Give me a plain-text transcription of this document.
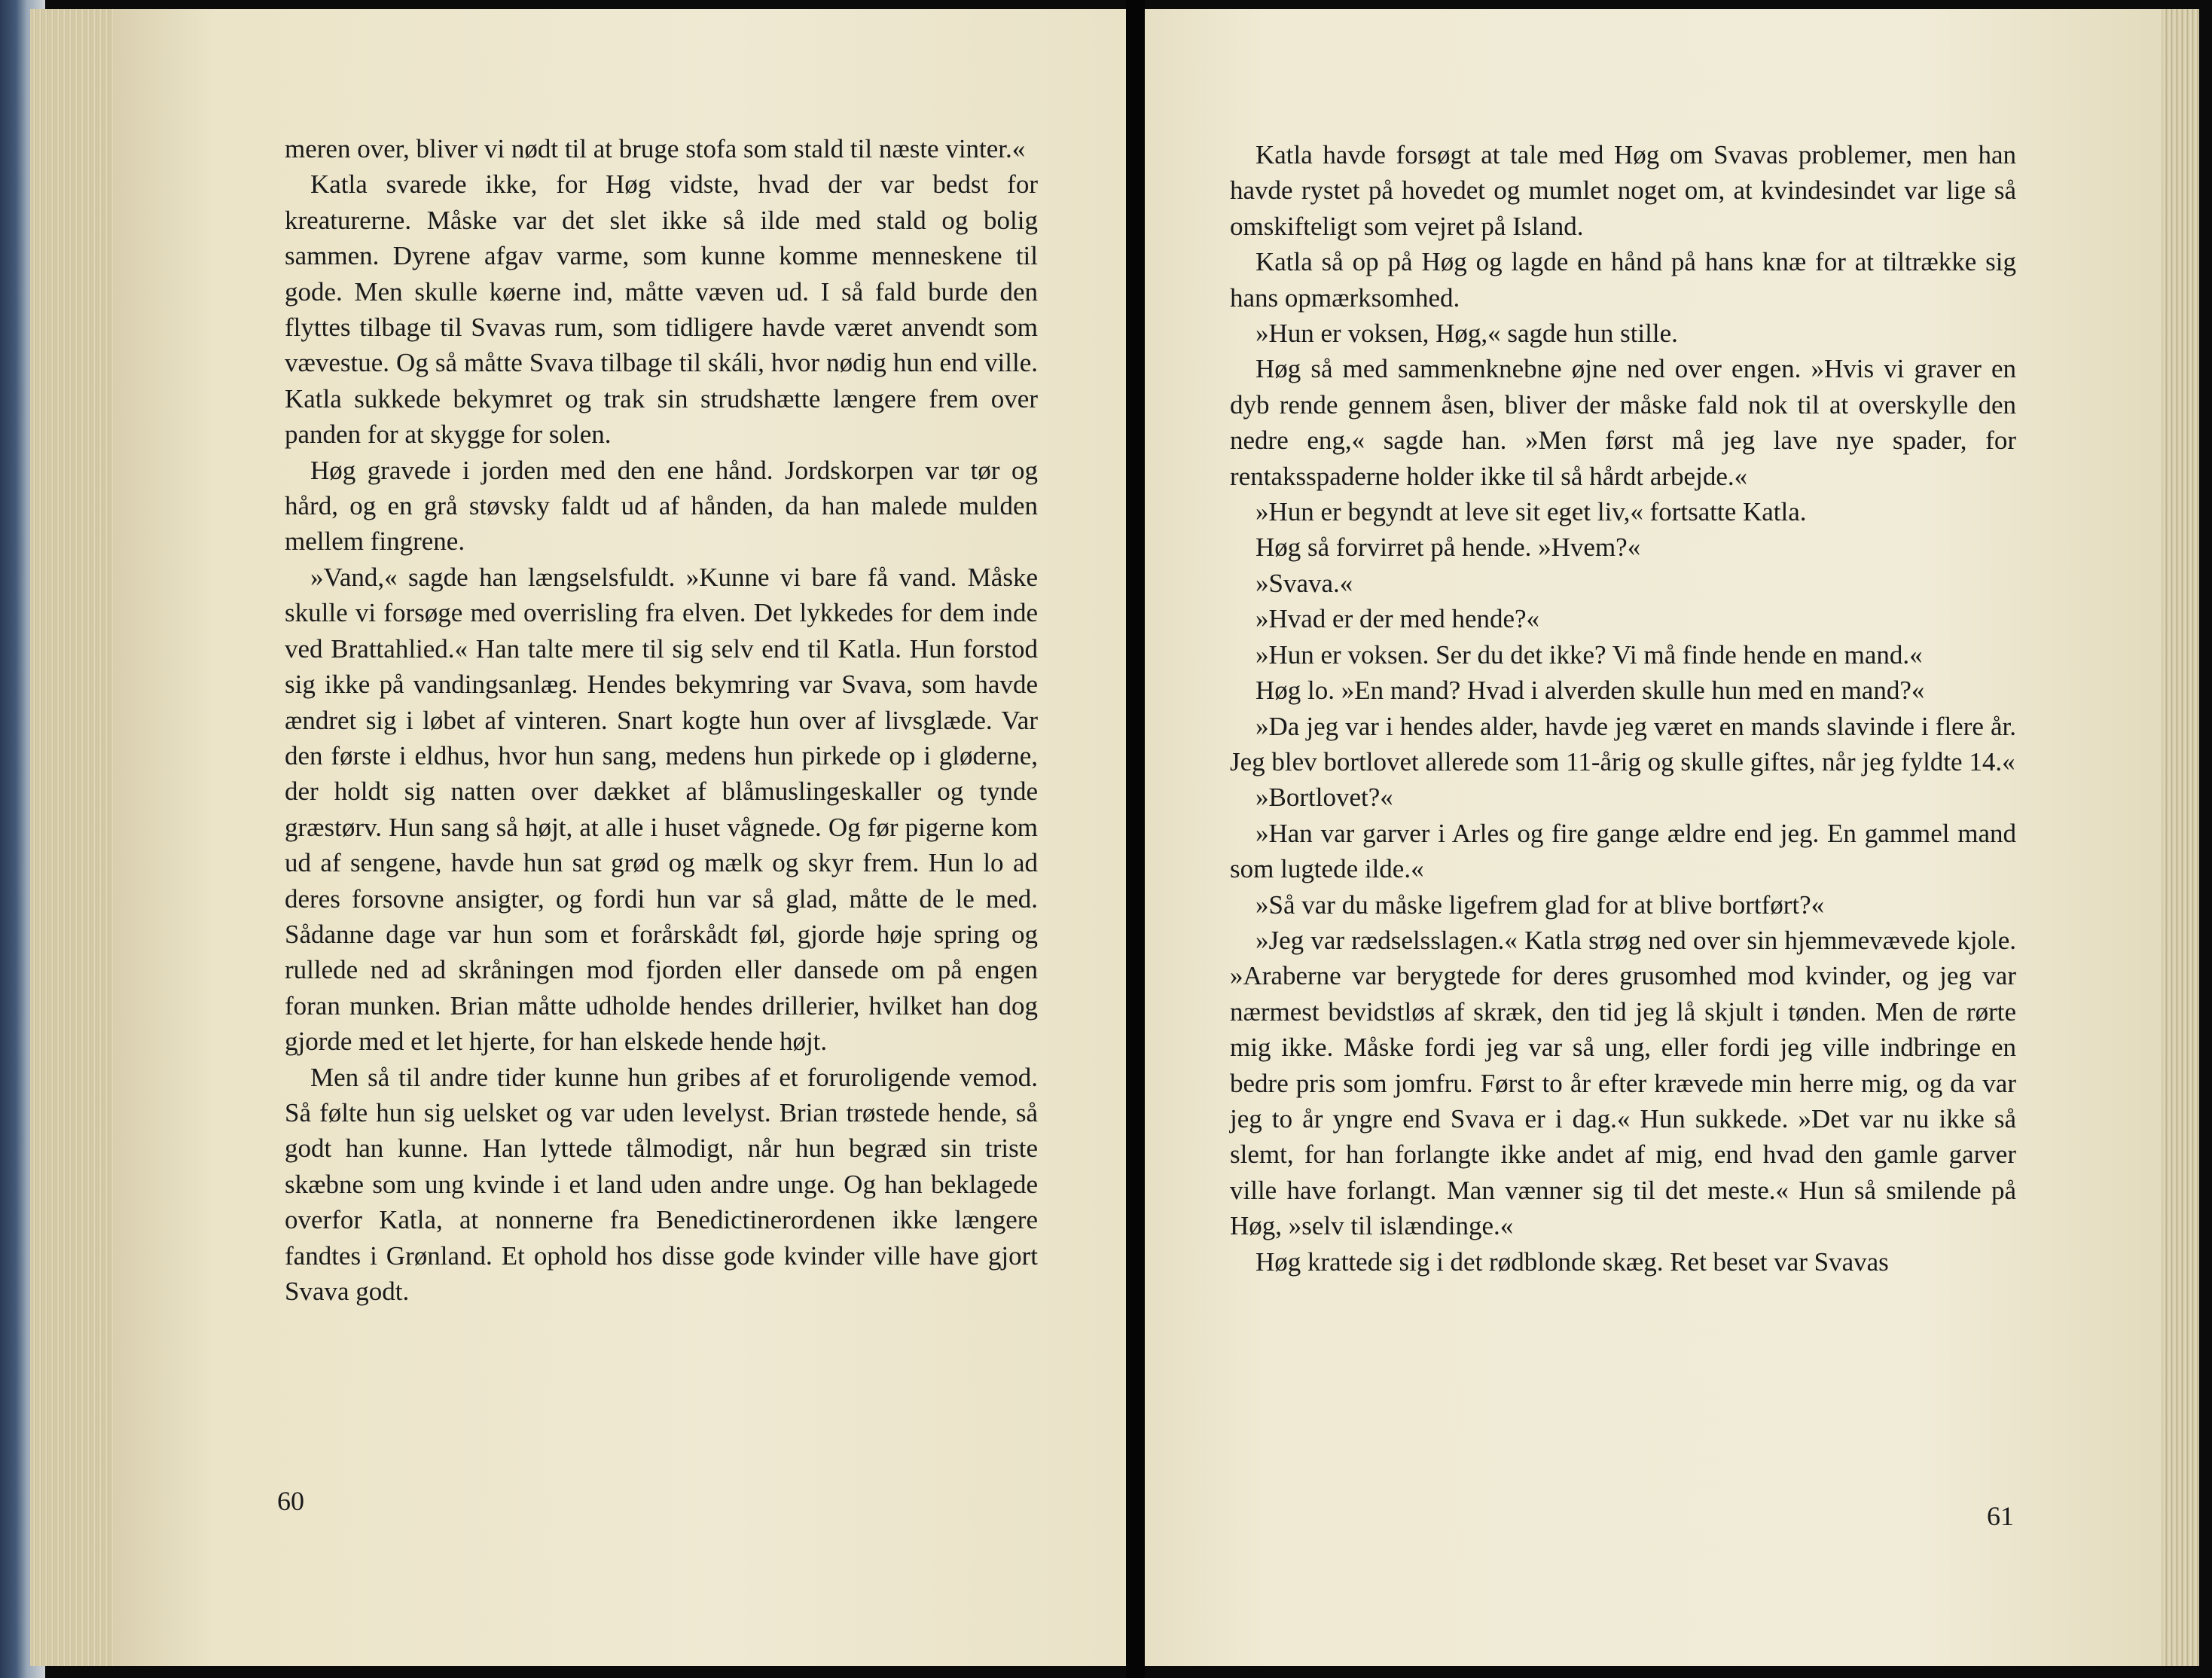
meren over, bliver vi nødt til at bruge stofa som stald til næste vinter.«

Katla svarede ikke, for Høg vidste, hvad der var bedst for kreaturerne. Måske var det slet ikke så ilde med stald og bolig sammen. Dyrene afgav varme, som kunne komme menneskene til gode. Men skulle køerne ind, måtte væven ud. I så fald burde den flyttes tilbage til Svavas rum, som tidligere havde været anvendt som vævestue. Og så måtte Svava tilbage til skáli, hvor nødig hun end ville. Katla sukkede bekymret og trak sin strudshætte længere frem over panden for at skygge for solen.

Høg gravede i jorden med den ene hånd. Jordskorpen var tør og hård, og en grå støvsky faldt ud af hånden, da han malede mulden mellem fingrene.

»Vand,« sagde han længselsfuldt. »Kunne vi bare få vand. Måske skulle vi forsøge med overrisling fra elven. Det lykkedes for dem inde ved Brattahlied.« Han talte mere til sig selv end til Katla. Hun forstod sig ikke på vandingsanlæg. Hendes bekymring var Svava, som havde ændret sig i løbet af vinteren. Snart kogte hun over af livsglæde. Var den første i eldhus, hvor hun sang, medens hun pirkede op i gløderne, der holdt sig natten over dækket af blåmuslingeskaller og tynde græstørv. Hun sang så højt, at alle i huset vågnede. Og før pigerne kom ud af sengene, havde hun sat grød og mælk og skyr frem. Hun lo ad deres forsovne ansigter, og fordi hun var så glad, måtte de le med. Sådanne dage var hun som et forårskådt føl, gjorde høje spring og rullede ned ad skråningen mod fjorden eller dansede om på engen foran munken. Brian måtte udholde hendes drillerier, hvilket han dog gjorde med et let hjerte, for han elskede hende højt.

Men så til andre tider kunne hun gribes af et foruroligende vemod. Så følte hun sig uelsket og var uden levelyst. Brian trøstede hende, så godt han kunne. Han lyttede tålmodigt, når hun begræd sin triste skæbne som ung kvinde i et land uden andre unge. Og han beklagede overfor Katla, at nonnerne fra Benedictinerordenen ikke længere fandtes i Grønland. Et ophold hos disse gode kvinder ville have gjort Svava godt.

60

Katla havde forsøgt at tale med Høg om Svavas problemer, men han havde rystet på hovedet og mumlet noget om, at kvindesindet var lige så omskifteligt som vejret på Island.

Katla så op på Høg og lagde en hånd på hans knæ for at tiltrække sig hans opmærksomhed.

»Hun er voksen, Høg,« sagde hun stille.

Høg så med sammenknebne øjne ned over engen. »Hvis vi graver en dyb rende gennem åsen, bliver der måske fald nok til at overskylle den nedre eng,« sagde han. »Men først må jeg lave nye spader, for rentaksspaderne holder ikke til så hårdt arbejde.«

»Hun er begyndt at leve sit eget liv,« fortsatte Katla.

Høg så forvirret på hende. »Hvem?«

»Svava.«

»Hvad er der med hende?«

»Hun er voksen. Ser du det ikke? Vi må finde hende en mand.«

Høg lo. »En mand? Hvad i alverden skulle hun med en mand?«

»Da jeg var i hendes alder, havde jeg været en mands slavinde i flere år. Jeg blev bortlovet allerede som 11-årig og skulle giftes, når jeg fyldte 14.«

»Bortlovet?«

»Han var garver i Arles og fire gange ældre end jeg. En gammel mand som lugtede ilde.«

»Så var du måske ligefrem glad for at blive bortført?«

»Jeg var rædselsslagen.« Katla strøg ned over sin hjemmevævede kjole. »Araberne var berygtede for deres grusomhed mod kvinder, og jeg var nærmest bevidstløs af skræk, den tid jeg lå skjult i tønden. Men de rørte mig ikke. Måske fordi jeg var så ung, eller fordi jeg ville indbringe en bedre pris som jomfru. Først to år efter krævede min herre mig, og da var jeg to år yngre end Svava er i dag.« Hun sukkede. »Det var nu ikke så slemt, for han forlangte ikke andet af mig, end hvad den gamle garver ville have forlangt. Man vænner sig til det meste.« Hun så smilende på Høg, »selv til islændinge.«

Høg krattede sig i det rødblonde skæg. Ret beset var Svavas

61
